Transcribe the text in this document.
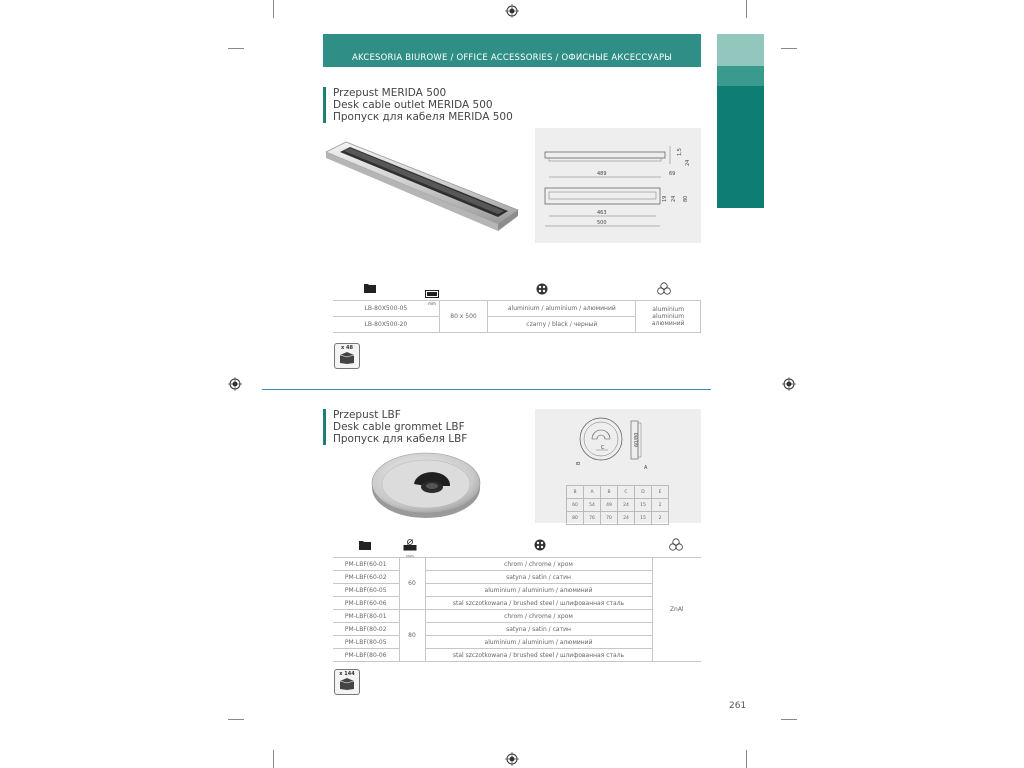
AKCESORIA BIUROWE / OFFICE ACCESSORIES / ОФИСНЫЕ АКСЕССУАРЫ
Przepust MERIDA 500
Desk cable outlet MERIDA 500
Пропуск для кабеля MERIDA 500
1,5
24
489	69
19 24 80
463
500
mm
LB-80X500-05	80 x 500	aluminium / aluminium / алюминий	aluminium
aluminium
алюминий

LB-80X500-20		czarny / black / черный	
x 48
Przepust LBF
Desk cable grommet LBF
Пропуск для кабеля LBF
C
B
60/80
A
B	A	B	C	D	E
60	54	49	24	15	2
80	76	70	24	15	2
mm
PM-LBF(60-01	60	chrom / chrome / хром	ZnAl
PM-LBF(60-02		satyna / satin / сатин	
PM-LBF(60-05		aluminium / aluminium / алюминий	
PM-LBF(60-06		stal szczotkowana / brushed steel / шлифованная сталь	
PM-LBF(80-01	80	chrom / chrome / хром	
PM-LBF(80-02		satyna / satin / сатин	
PM-LBF(80-05		aluminium / aluminium / алюминий	
PM-LBF(80-06		stal szczotkowana / brushed steel / шлифованная сталь	
x 144
261
